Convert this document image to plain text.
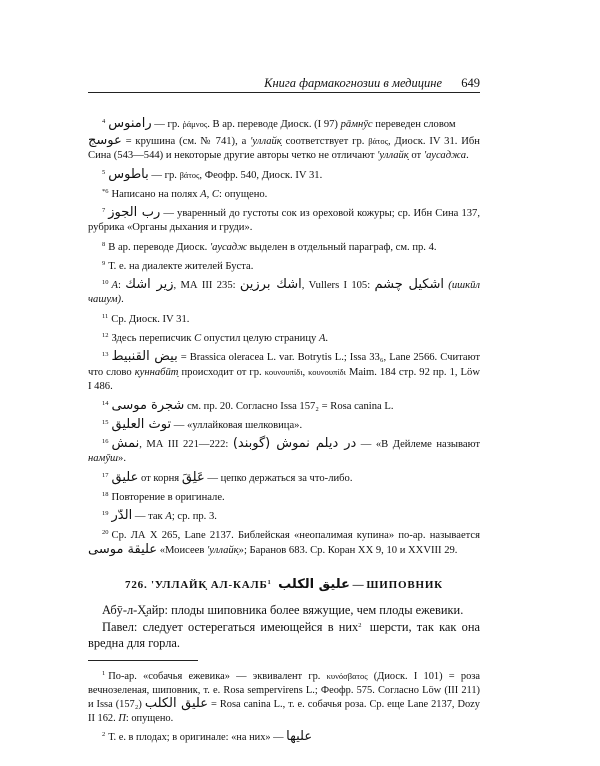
Книга фармакогнозии в медицине 649

$^4$ رامنوس — гр. ῥάμνος. В ар. переводе Диоск. (I 97) рāмнӯс переведен словом

عوسج = крушина (см. № 741), а 'уллайк̣ соответствует гр. βάτος, Диоск. IV 31. Ибн Сина (543—544) и некоторые другие авторы четко не отличают 'уллайк̣ от 'аусаджа.

$^5$ باطوس — гр. βάτος, Феофр. 540, Диоск. IV 31.

$^{*6}$ Написано на полях А, С: опущено.

$^7$ رب الجوز — уваренный до густоты сок из ореховой кожуры; ср. Ибн Сина 137, рубрика «Органы дыхания и груди».

$^8$ В ар. переводе Диоск. 'аусадж выделен в отдельный параграф, см. пр. 4.

$^9$ Т. е. на диалекте жителей Буста.

$^{10}$ А: زير اشك, МА III 235: اشك برزين, Vullers I 105: اشكيل چشم (ишкӣл чашум).

$^{11}$ Ср. Диоск. IV 31.

$^{12}$ Здесь переписчик С опустил целую страницу А.

$^{13}$ بيض القنبيط = Brassica oleracea L. var. Botrytis L.; Issa 33₆, Lane 2566. Считают что слово к̣уннабӣт̣ происходит от гр. κουνουπίδι, κουνουπίδι Maim. 184 стр. 92 пр. 1, Löw I 486.

$^{14}$ شجرة موسى см. пр. 20. Согласно Issa 157₂ = Rosa canina L.

$^{15}$ توث العليق — «уллайковая шелковица».

$^{16}$ نمش, МА III 221—222: در ديلم نموش (گوبند) — «В Дейлеме называют намӯш».

$^{17}$ عليق от корня عَلِقَ — цепко держаться за что-либо.

$^{18}$ Повторение в оригинале.

$^{19}$ الدّر — так А; ср. пр. 3.

$^{20}$ Ср. ЛА X 265, Lane 2137. Библейская «неопалимая купина» по-ар. называется عليقة موسى «Моисеев 'уллайк̣»; Баранов 683. Ср. Коран XX 9, 10 и XXVIII 29.

726. 'УЛЛАЙК̣ АЛ-КАЛБ$^1$ عليق الكلب — ШИПОВНИК

Абӯ-л-Х̮айр: плоды шиповника более вяжущие, чем плоды ежевики.

Павел: следует остерегаться имеющейся в них$^2$ шерсти, так как она вредна для горла.

$^1$ По-ар. «собачья ежевика» — эквивалент гр. κυνόσβατος (Диоск. I 101) = роза вечнозеленая, шиповник, т. е. Rosa sempervirens L.; Феофр. 575. Согласно Löw (III 211) и Issa (157₂) عليق الكلب = Rosa canina L., т. е. собачья роза. Ср. еще Lane 2137, Dozy II 162. П: опущено.

$^2$ Т. е. в плодах; в оригинале: «на них» — عليها
